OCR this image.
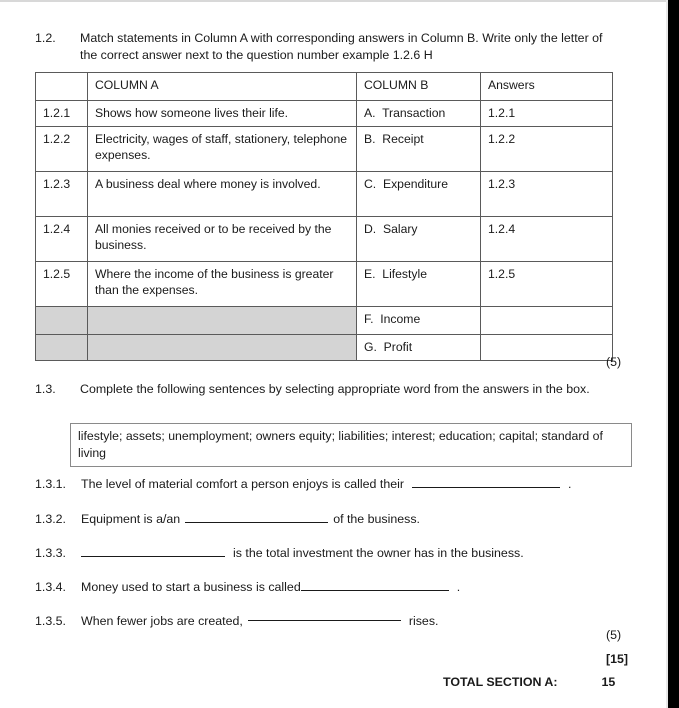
1.2.	Match statements in Column A with corresponding answers in Column B. Write only the letter of the correct answer next to the question number example 1.2.6 H
	COLUMN A	COLUMN B	Answers
1.2.1	Shows how someone lives their life.	A.  Transaction	1.2.1
1.2.2	Electricity, wages of staff, stationery, telephone expenses.	B.  Receipt	1.2.2
1.2.3	A business deal where money is involved.	C.  Expenditure	1.2.3
1.2.4	All monies received or to be received by the business.	D.  Salary	1.2.4
1.2.5	Where the income of the business is greater than the expenses.	E.  Lifestyle	1.2.5
		F.  Income	
		G.  Profit	
(5)
1.3.	Complete the following sentences by selecting appropriate word from the answers in the box.
lifestyle; assets; unemployment; owners equity; liabilities; interest; education; capital; standard of living
1.3.1. The level of material comfort a person enjoys is called their	.
1.3.2. Equipment is a/an	of the business.
1.3.3.	is the total investment the owner has in the business.
1.3.4. Money used to start a business is called	.
1.3.5. When fewer jobs are created,	rises.
(5)
[15]
TOTAL SECTION A:	15
